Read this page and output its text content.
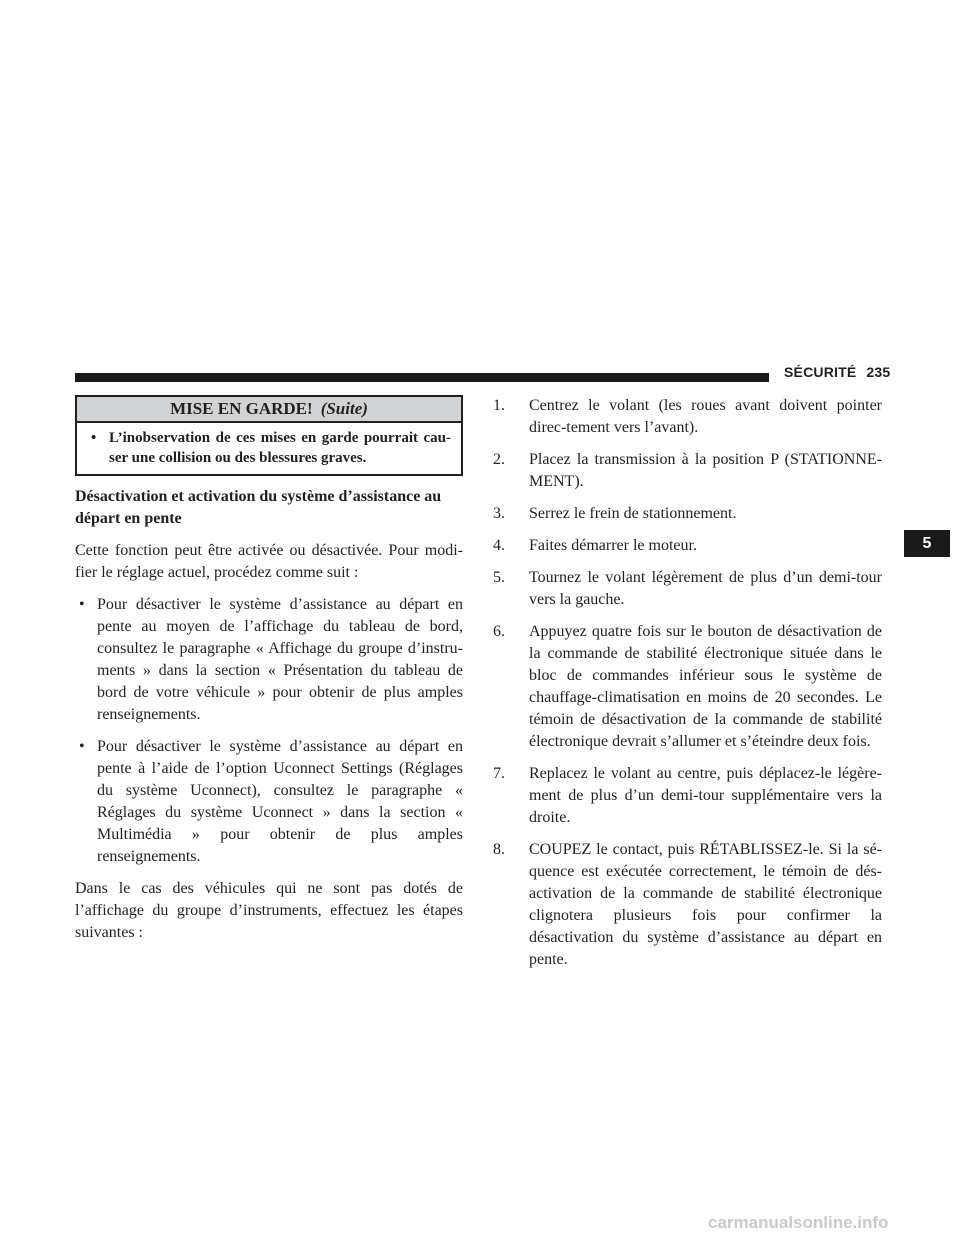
SÉCURITÉ 235
5
MISE EN GARDE! (Suite)
• L’inobservation de ces mises en garde pourrait cau-ser une collision ou des blessures graves.
Désactivation et activation du système d’assistance au départ en pente

Cette fonction peut être activée ou désactivée. Pour modi-fier le réglage actuel, procédez comme suit :

• Pour désactiver le système d’assistance au départ en pente au moyen de l’affichage du tableau de bord, consultez le paragraphe « Affichage du groupe d’instru-ments » dans la section « Présentation du tableau de bord de votre véhicule » pour obtenir de plus amples renseignements.
• Pour désactiver le système d’assistance au départ en pente à l’aide de l’option Uconnect Settings (Réglages du système Uconnect), consultez le paragraphe « Réglages du système Uconnect » dans la section « Multimédia » pour obtenir de plus amples renseignements.

Dans le cas des véhicules qui ne sont pas dotés de l’affichage du groupe d’instruments, effectuez les étapes suivantes :

1. Centrez le volant (les roues avant doivent pointer direc-tement vers l’avant).
2. Placez la transmission à la position P (STATIONNE-MENT).
3. Serrez le frein de stationnement.
4. Faites démarrer le moteur.
5. Tournez le volant légèrement de plus d’un demi-tour vers la gauche.
6. Appuyez quatre fois sur le bouton de désactivation de la commande de stabilité électronique située dans le bloc de commandes inférieur sous le système de chauffage-climatisation en moins de 20 secondes. Le témoin de désactivation de la commande de stabilité électronique devrait s’allumer et s’éteindre deux fois.
7. Replacez le volant au centre, puis déplacez-le légère-ment de plus d’un demi-tour supplémentaire vers la droite.
8. COUPEZ le contact, puis RÉTABLISSEZ-le. Si la sé-quence est exécutée correctement, le témoin de dés-activation de la commande de stabilité électronique clignotera plusieurs fois pour confirmer la désactivation du système d’assistance au départ en pente.
carmanualsonline.info
